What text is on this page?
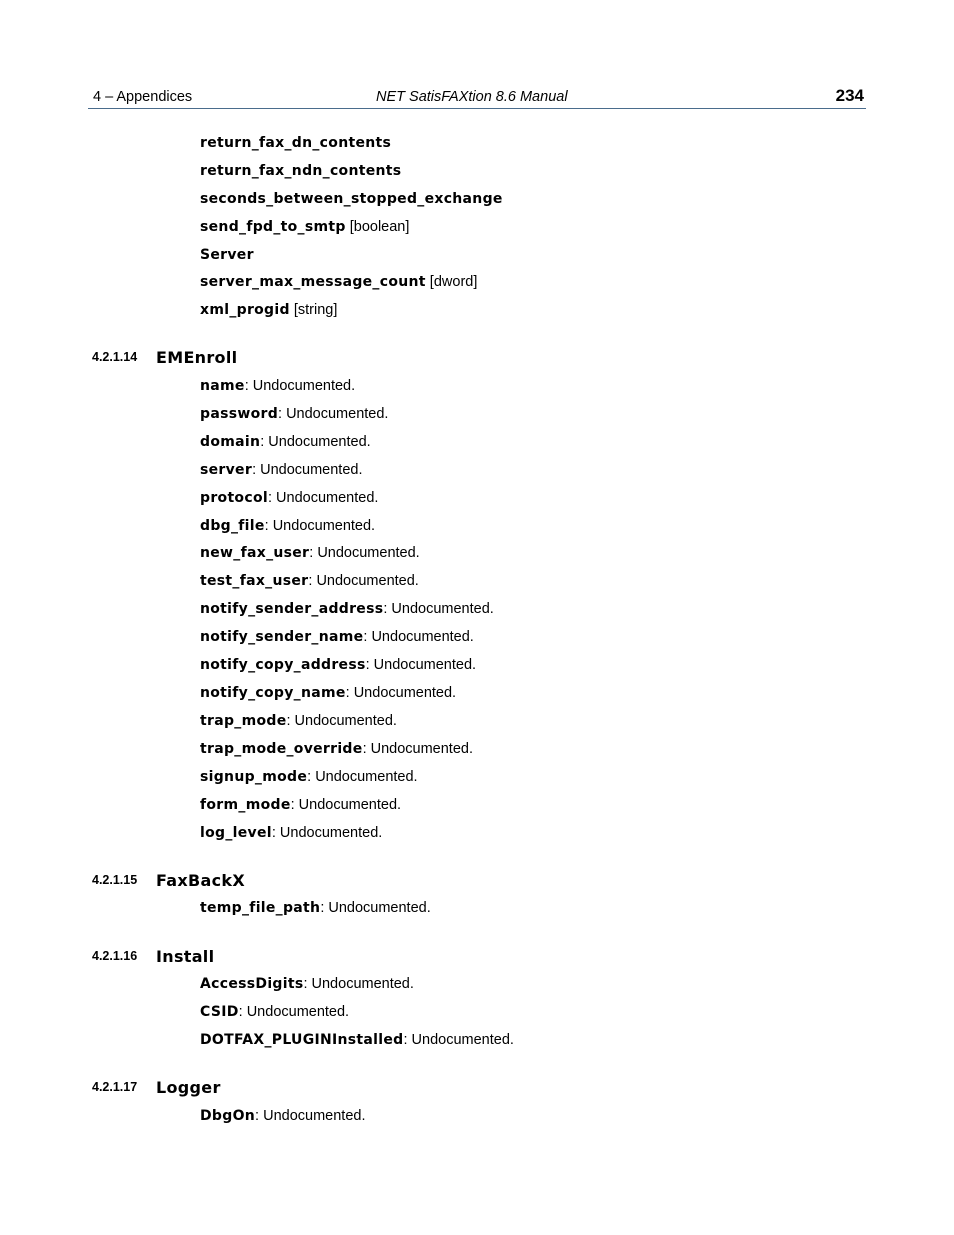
4 – Appendices	NET SatisFAXtion 8.6 Manual	234
return_fax_dn_contents
return_fax_ndn_contents
seconds_between_stopped_exchange
send_fpd_to_smtp [boolean]
Server
server_max_message_count [dword]
xml_progid [string]
4.2.1.14 EMEnroll
name: Undocumented.
password: Undocumented.
domain: Undocumented.
server: Undocumented.
protocol: Undocumented.
dbg_file: Undocumented.
new_fax_user: Undocumented.
test_fax_user: Undocumented.
notify_sender_address: Undocumented.
notify_sender_name: Undocumented.
notify_copy_address: Undocumented.
notify_copy_name: Undocumented.
trap_mode: Undocumented.
trap_mode_override: Undocumented.
signup_mode: Undocumented.
form_mode: Undocumented.
log_level: Undocumented.
4.2.1.15 FaxBackX
temp_file_path: Undocumented.
4.2.1.16 Install
AccessDigits: Undocumented.
CSID: Undocumented.
DOTFAX_PLUGINInstalled: Undocumented.
4.2.1.17 Logger
DbgOn: Undocumented.
